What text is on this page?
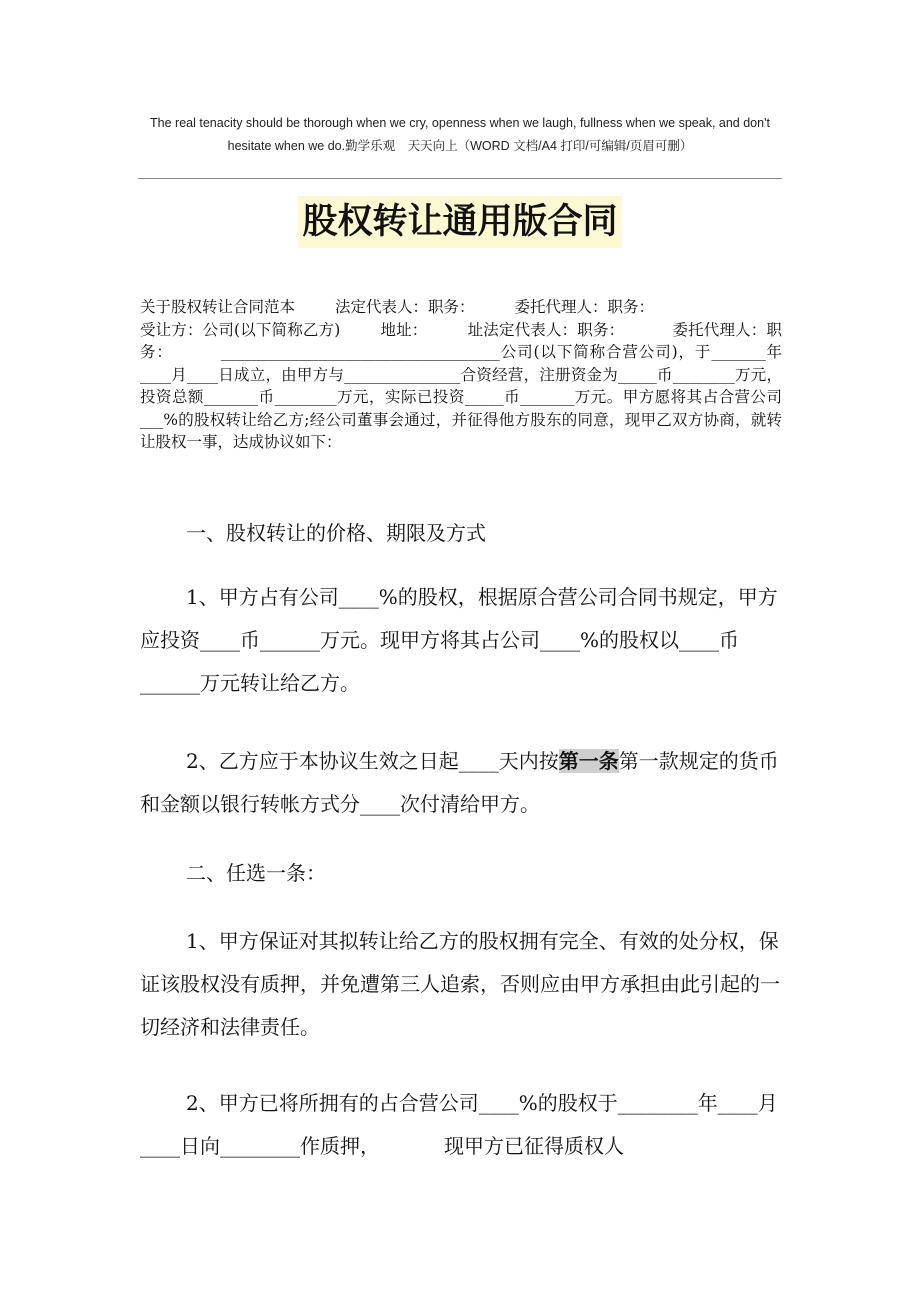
The real tenacity should be thorough when we cry, openness when we laugh, fullness when we speak, and don't
hesitate when we do.勤学乐观　天天向上（WORD 文档/A4 打印/可编辑/页眉可删）
股权转让通用版合同

关于股权转让合同范本	法定代表人：职务：	委托代理人：职务：
受让方：公司(以下简称乙方)	地址：	址法定代表人：职务：	委托代理人：职务：	____________________________________公司(以下简称合营公司)，于_______年____月____日成立，由甲方与_______________合资经营，注册资金为_____币________万元，投资总额_______币________万元，实际已投资_____币_______万元。甲方愿将其占合营公司___%的股权转让给乙方;经公司董事会通过，并征得他方股东的同意，现甲乙双方协商，就转让股权一事，达成协议如下：

一、股权转让的价格、期限及方式

1、甲方占有公司____%的股权，根据原合营公司合同书规定，甲方应投资____币______万元。现甲方将其占公司____%的股权以____币______万元转让给乙方。

2、乙方应于本协议生效之日起____天内按第一条第一款规定的货币和金额以银行转帐方式分____次付清给甲方。

二、任选一条：

1、甲方保证对其拟转让给乙方的股权拥有完全、有效的处分权，保证该股权没有质押，并免遭第三人追索，否则应由甲方承担由此引起的一切经济和法律责任。

2、甲方已将所拥有的占合营公司____%的股权于________年____月____日向________作质押，	现甲方已征得质权人
